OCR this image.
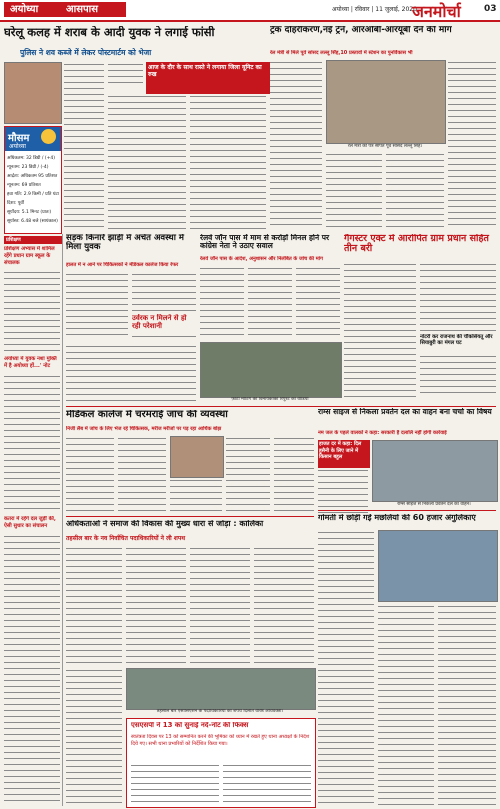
अयोध्या	आसपास	अयोध्या | रविवार | 11 जुलाई, 2020
जनमोर्चा	03
घरेलू कलह में शराब के आदी युवक ने लगाई फांसी
पुलिस ने शव कब्जे में लेकर पोस्टमार्टम को भेजा
आज के दौर के साथ रास्ते ने लगाया जिला यूनिट का रुख
मौसम
अयोध्या
अधिकतम: 32 डिग्री / (+4)
न्यूनतम: 23 डिग्री / (-4)
आर्द्रता: अधिकतम 95 प्रतिशत
न्यूनतम: 69 प्रतिशत
हवा गति: 2.9 किमी / प्रति घंटा
दिशा: पूर्वी
सूर्योदय: 5.1 मिनट (प्रातः)
सूर्यास्त: 6.48 बजे (सायंकाल)
प्रशिक्षण
प्रशिक्षण अभ्यास में शामिल रहेंगे प्रधान ग्राम स्कूल के संचालक
अयोध्या में युवक नशा मुक्ति में है अयोध्या हों...' नोट
कतरा में रहेंगे दल जुड़ीं की, ऐसी सुधार का संचालन
सड़क किनारे झाड़ी में अचेत अवस्था में मिला युवक
हालत में न आने पर चिकित्सकों ने मेडिकल कालेज किया रेफर
उर्वरक न मिलने से हो रही परेशानी
रेलवे जॉन पास में माम से करोड़ों मिनल होने पर कांग्रेस नेता ने उठाए सवाल
रेलवे जॉन पास के आदेश, अनुशासन और निलंबित के जांच की मांग
फ़ोटो मीटिंग को विनायकोंको रिपुरट का वीडियो
ट्रैक दोहरीकरण,नई ट्रेनें, आरओबी-आरयूबी देने की माँग
रेल मंत्री से मिले पूर्व सांसद लल्लू सिंह,10 प्रस्तावों में स्टेशन का पुनर्विकास भी
रेल मंत्री को पत्र सौंपते पूर्व सांसद लल्लू सिंह।
गैंगस्टर एक्ट में आरोपित ग्राम प्रधान सहित तीन बरी
नोटरी कर राजनाथ की चौकसियतू और सियाबुरी का मंगल घट
मेडिकल कालेज में चरमराई जांच की व्यवस्था
निजी लैब में जांच के लिए भेज रहे चिकित्सक, मरीज मरीजों पर पड़ रहा आर्थिक बोझ
राम्स साइज से निकला प्रवर्तन दल का वाहन बना चर्चा का विषय
नम जल के पहले वालकों ने कहा: सरकारी है दलालि नहीं होगी कार्रवाई
हाजत दर में कहा: दिल हुसैनी के लिए जाने में किसान बहुल
राम्स साइज से निकला प्रवर्तन दल का वाहन।
अधिकताओं ने समाज की विकास की मुख्य धारा से जोड़ा : कालिका
तहसील बार के नव निर्वाचित पदाधिकारियों ने ली शपथ
तहसील बार एसोसिएशन के पदाधिकारियों को शपथ दिलाते वरिष्ठ अधिवक्ता।
एसएसपी ने 13 को सुनाई नर्द-नोट की फिक्स
स्वतंत्रता दिवस पर 13 को सम्मानित करने की भूमिका को ध्यान में रखते हुए थाना अध्यक्षों के निर्देश दिये गए। सभी थाना प्रभारियों को निर्देशित किया गया।
गोमती में छोड़ी गईं मछलियों की 60 हजार अंगुलिकाएं
